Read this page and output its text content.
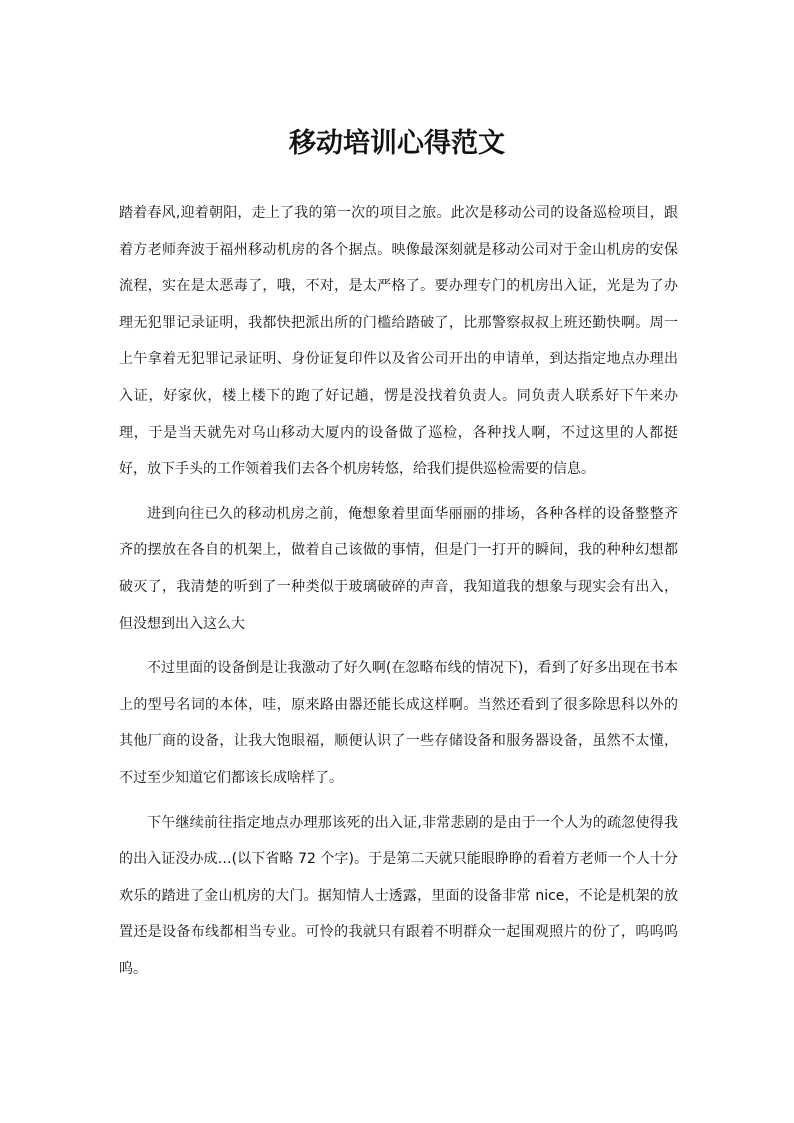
移动培训心得范文

踏着春风,迎着朝阳，走上了我的第一次的项目之旅。此次是移动公司的设备巡检项目，跟着方老师奔波于福州移动机房的各个据点。映像最深刻就是移动公司对于金山机房的安保流程，实在是太恶毒了，哦，不对，是太严格了。要办理专门的机房出入证，光是为了办理无犯罪记录证明，我都快把派出所的门槛给踏破了，比那警察叔叔上班还勤快啊。周一上午拿着无犯罪记录证明、身份证复印件以及省公司开出的申请单，到达指定地点办理出入证，好家伙，楼上楼下的跑了好记趟，愣是没找着负责人。同负责人联系好下午来办理，于是当天就先对乌山移动大厦内的设备做了巡检，各种找人啊，不过这里的人都挺好，放下手头的工作领着我们去各个机房转悠，给我们提供巡检需要的信息。

进到向往已久的移动机房之前，俺想象着里面华丽丽的排场，各种各样的设备整整齐齐的摆放在各自的机架上，做着自己该做的事情，但是门一打开的瞬间，我的种种幻想都破灭了，我清楚的听到了一种类似于玻璃破碎的声音，我知道我的想象与现实会有出入，但没想到出入这么大

不过里面的设备倒是让我激动了好久啊(在忽略布线的情况下)，看到了好多出现在书本上的型号名词的本体，哇，原来路由器还能长成这样啊。当然还看到了很多除思科以外的其他厂商的设备，让我大饱眼福，顺便认识了一些存储设备和服务器设备，虽然不太懂，不过至少知道它们都该长成啥样了。

下午继续前往指定地点办理那该死的出入证,非常悲剧的是由于一个人为的疏忽使得我的出入证没办成…(以下省略 72 个字)。于是第二天就只能眼睁睁的看着方老师一个人十分欢乐的踏进了金山机房的大门。据知情人士透露，里面的设备非常 nice，不论是机架的放置还是设备布线都相当专业。可怜的我就只有跟着不明群众一起围观照片的份了，呜呜呜呜。
